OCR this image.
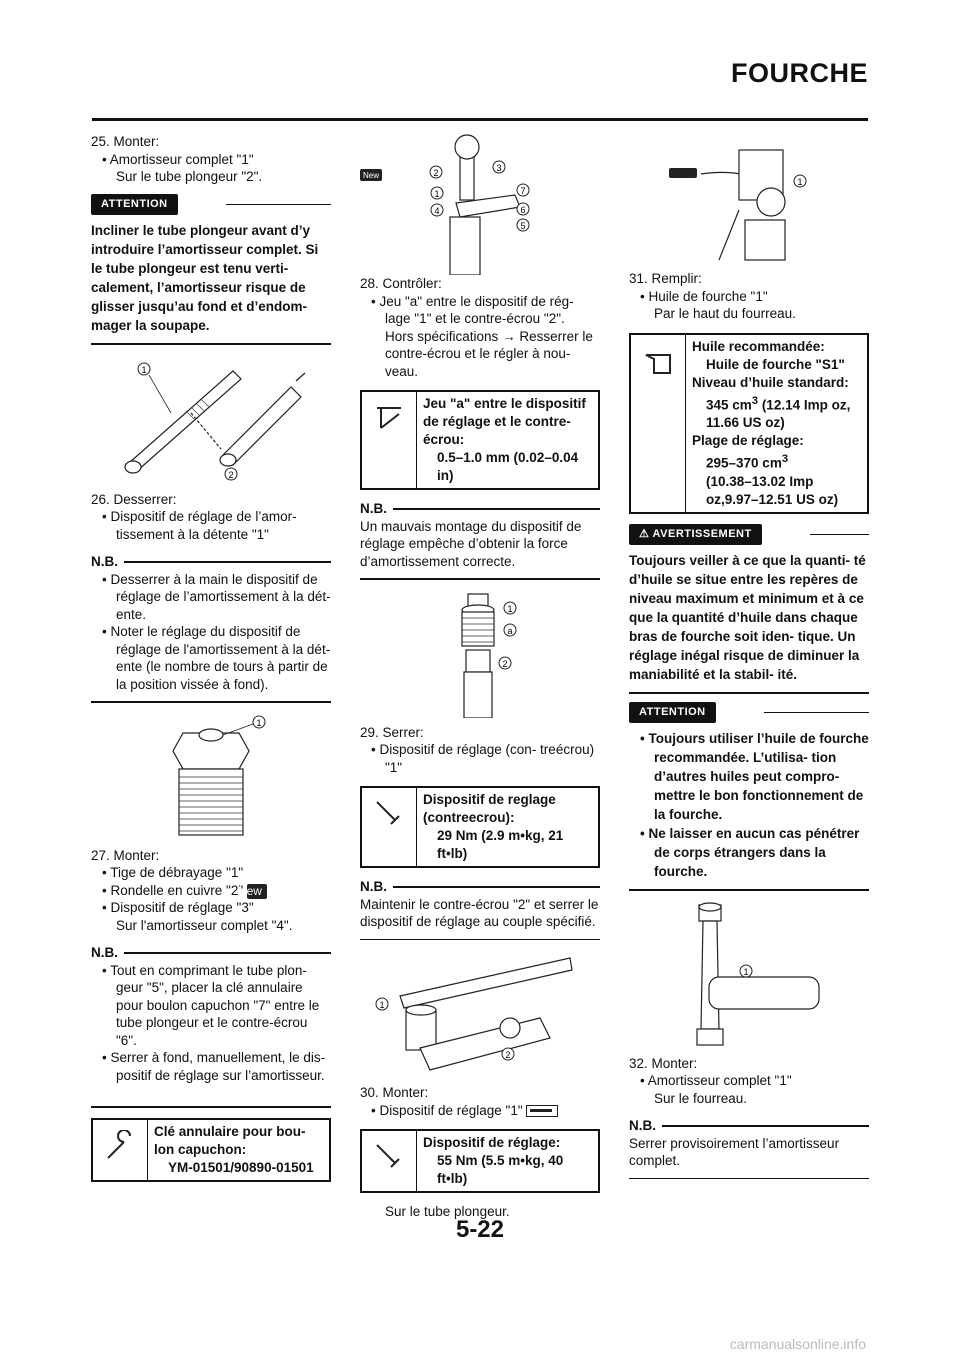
FOURCHE
25. Monter:
• Amortisseur complet "1"
Sur le tube plongeur "2".
ATTENTION
Incliner le tube plongeur avant d’y introduire l’amortisseur complet. Si le tube plongeur est tenu verti- calement, l’amortisseur risque de glisser jusqu’au fond et d’endom- mager la soupape.
1
2
26. Desserrer:
• Dispositif de réglage de l’amor- tissement à la détente "1"
N.B.
• Desserrer à la main le dispositif de réglage de l’amortissement à la dét- ente.
• Noter le réglage du dispositif de réglage de l'amortissement à la dét- ente (le nombre de tours à partir de la position vissée à fond).
1
27. Monter:
• Tige de débrayage "1"
• Rondelle en cuivre "2" New
• Dispositif de réglage "3"
Sur l'amortisseur complet "4".
N.B.
• Tout en comprimant le tube plon- geur "5", placer la clé annulaire pour boulon capuchon "7" entre le tube plongeur et le contre-écrou "6".
• Serrer à fond, manuellement, le dis- positif de réglage sur l’amortisseur.
Clé annulaire pour bou- lon capuchon:
YM-01501/90890-01501
New	2	3
1	7
4	6
5
28. Contrôler:
• Jeu "a" entre le dispositif de rég- lage "1" et le contre-écrou "2".
Hors spécifications → Resserrer le contre-écrou et le régler à nou- veau.
Jeu "a" entre le dispositif de réglage et le contre- écrou:
0.5–1.0 mm (0.02–0.04 in)
N.B.
Un mauvais montage du dispositif de réglage empêche d’obtenir la force d’amortissement correcte.
1
a
2
29. Serrer:
• Dispositif de réglage (con- treécrou) "1"
Dispositif de reglage (contreecrou):
29 Nm (2.9 m•kg, 21 ft•lb)
N.B.
Maintenir le contre-écrou "2" et serrer le dispositif de réglage au couple spécifié.
1
2
30. Monter:
• Dispositif de réglage "1"
Dispositif de réglage:
55 Nm (5.5 m•kg, 40 ft•lb)
Sur le tube plongeur.
1
31. Remplir:
• Huile de fourche "1"
Par le haut du fourreau.
Huile recommandée:
Huile de fourche "S1"
Niveau d’huile standard:
345 $cm^3$ (12.14 Imp oz, 11.66 US oz)
Plage de réglage:
295–370 $cm^3$
(10.38–13.02 Imp oz,9.97–12.51 US oz)
⚠ AVERTISSEMENT
Toujours veiller à ce que la quanti- té d’huile se situe entre les repères de niveau maximum et minimum et à ce que la quantité d’huile dans chaque bras de fourche soit iden- tique. Un réglage inégal risque de diminuer la maniabilité et la stabil- ité.
ATTENTION
• Toujours utiliser l’huile de fourche recommandée. L’utilisa- tion d’autres huiles peut compro- mettre le bon fonctionnement de la fourche.
• Ne laisser en aucun cas pénétrer de corps étrangers dans la fourche.
1
32. Monter:
• Amortisseur complet "1"
Sur le fourreau.
N.B.
Serrer provisoirement l’amortisseur complet.
5-22
carmanualsonline.info
